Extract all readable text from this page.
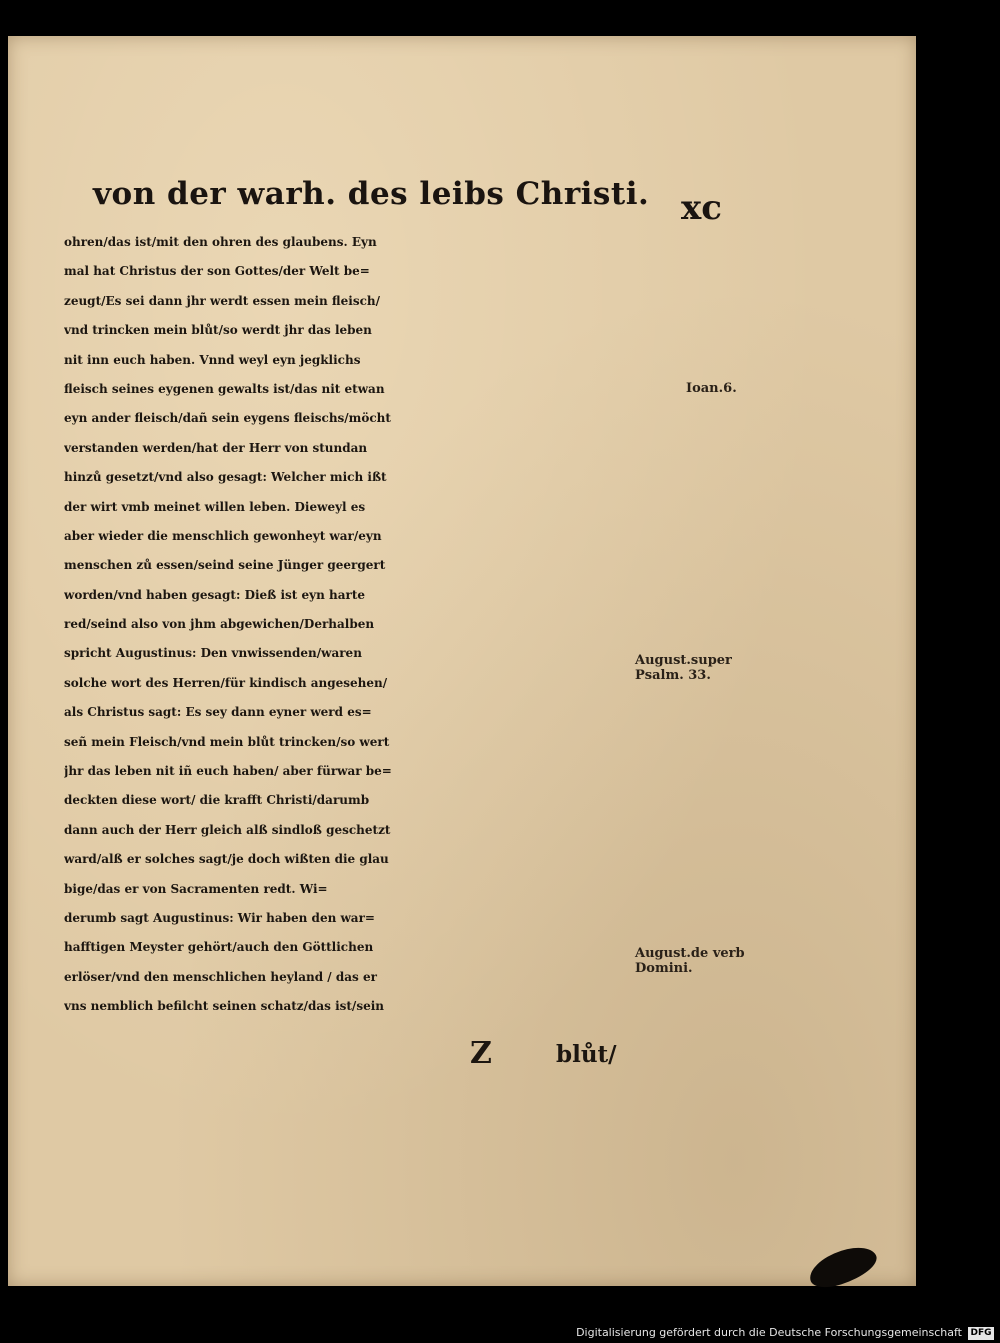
von der warh. des leibs Christi. xc
ohren/das ist/mit den ohren des glaubens. Eyn
mal hat Christus der son Gottes/der Welt be=
zeugt/Es sei dann jhr werdt essen mein fleisch/
vnd trincken mein blůt/so werdt jhr das leben
nit inn euch haben. Vnnd weyl eyn jegklichs
fleisch seines eygenen gewalts ist/das nit etwan
eyn ander fleisch/dañ sein eygens fleischs/möcht
verstanden werden/hat der Herr von stundan
hinzů gesetzt/vnd also gesagt: Welcher mich ißt
der wirt vmb meinet willen leben. Dieweyl es
aber wieder die menschlich gewonheyt war/eyn
menschen zů essen/seind seine Jünger geergert
worden/vnd haben gesagt: Dieß ist eyn harte
red/seind also von jhm abgewichen/Derhalben
spricht Augustinus: Den vnwissenden/waren
solche wort des Herren/für kindisch angesehen/
als Christus sagt: Es sey dann eyner werd es=
señ mein Fleisch/vnd mein blůt trincken/so wert
jhr das leben nit iñ euch haben/ aber fürwar be=
deckten diese wort/ die krafft Christi/darumb
dann auch der Herr gleich alß sindloß geschetzt
ward/alß er solches sagt/je doch wißten die glau
bige/das er von Sacramenten redt. Wi=
derumb sagt Augustinus: Wir haben den war=
hafftigen Meyster gehört/auch den Göttlichen
erlöser/vnd den menschlichen heyland / das er
vns nemblich befilcht seinen schatz/das ist/sein
Ioan.6.
August.super
Psalm. 33.
August.de verb
Domini.
Z	blůt/
Digitalisierung gefördert durch die Deutsche Forschungsgemeinschaft DFG
